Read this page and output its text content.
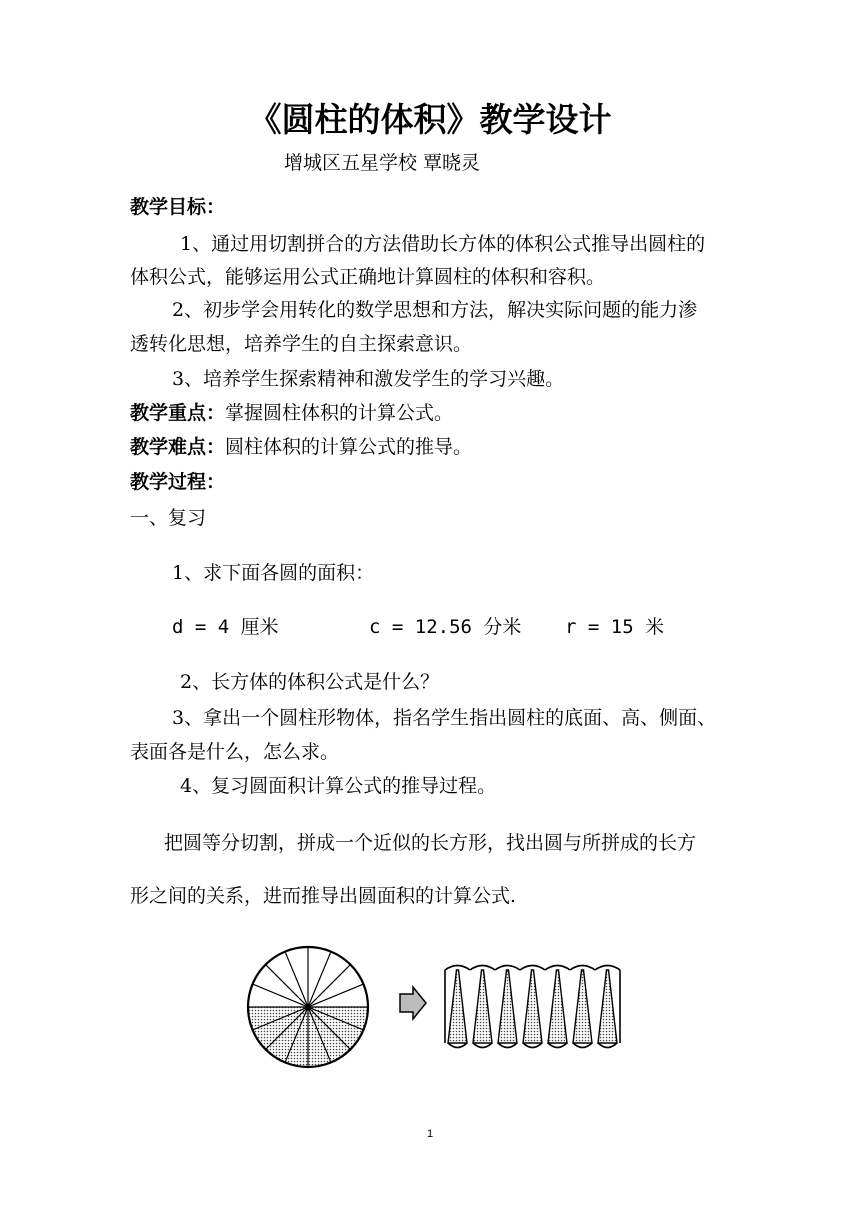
《圆柱的体积》教学设计
增城区五星学校 覃晓灵
教学目标：
1、通过用切割拼合的方法借助长方体的体积公式推导出圆柱的
体积公式，能够运用公式正确地计算圆柱的体积和容积。
2、初步学会用转化的数学思想和方法，解决实际问题的能力渗
透转化思想，培养学生的自主探索意识。
3、培养学生探索精神和激发学生的学习兴趣。
教学重点：掌握圆柱体积的计算公式。
教学难点：圆柱体积的计算公式的推导。
教学过程：
一、复习
1、求下面各圆的面积：
d = 4 厘米	c = 12.56 分米 r = 15 米
2、长方体的体积公式是什么？
3、拿出一个圆柱形物体，指名学生指出圆柱的底面、高、侧面、
表面各是什么，怎么求。
4、复习圆面积计算公式的推导过程。
把圆等分切割，拼成一个近似的长方形，找出圆与所拼成的长方
形之间的关系，进而推导出圆面积的计算公式.
1
